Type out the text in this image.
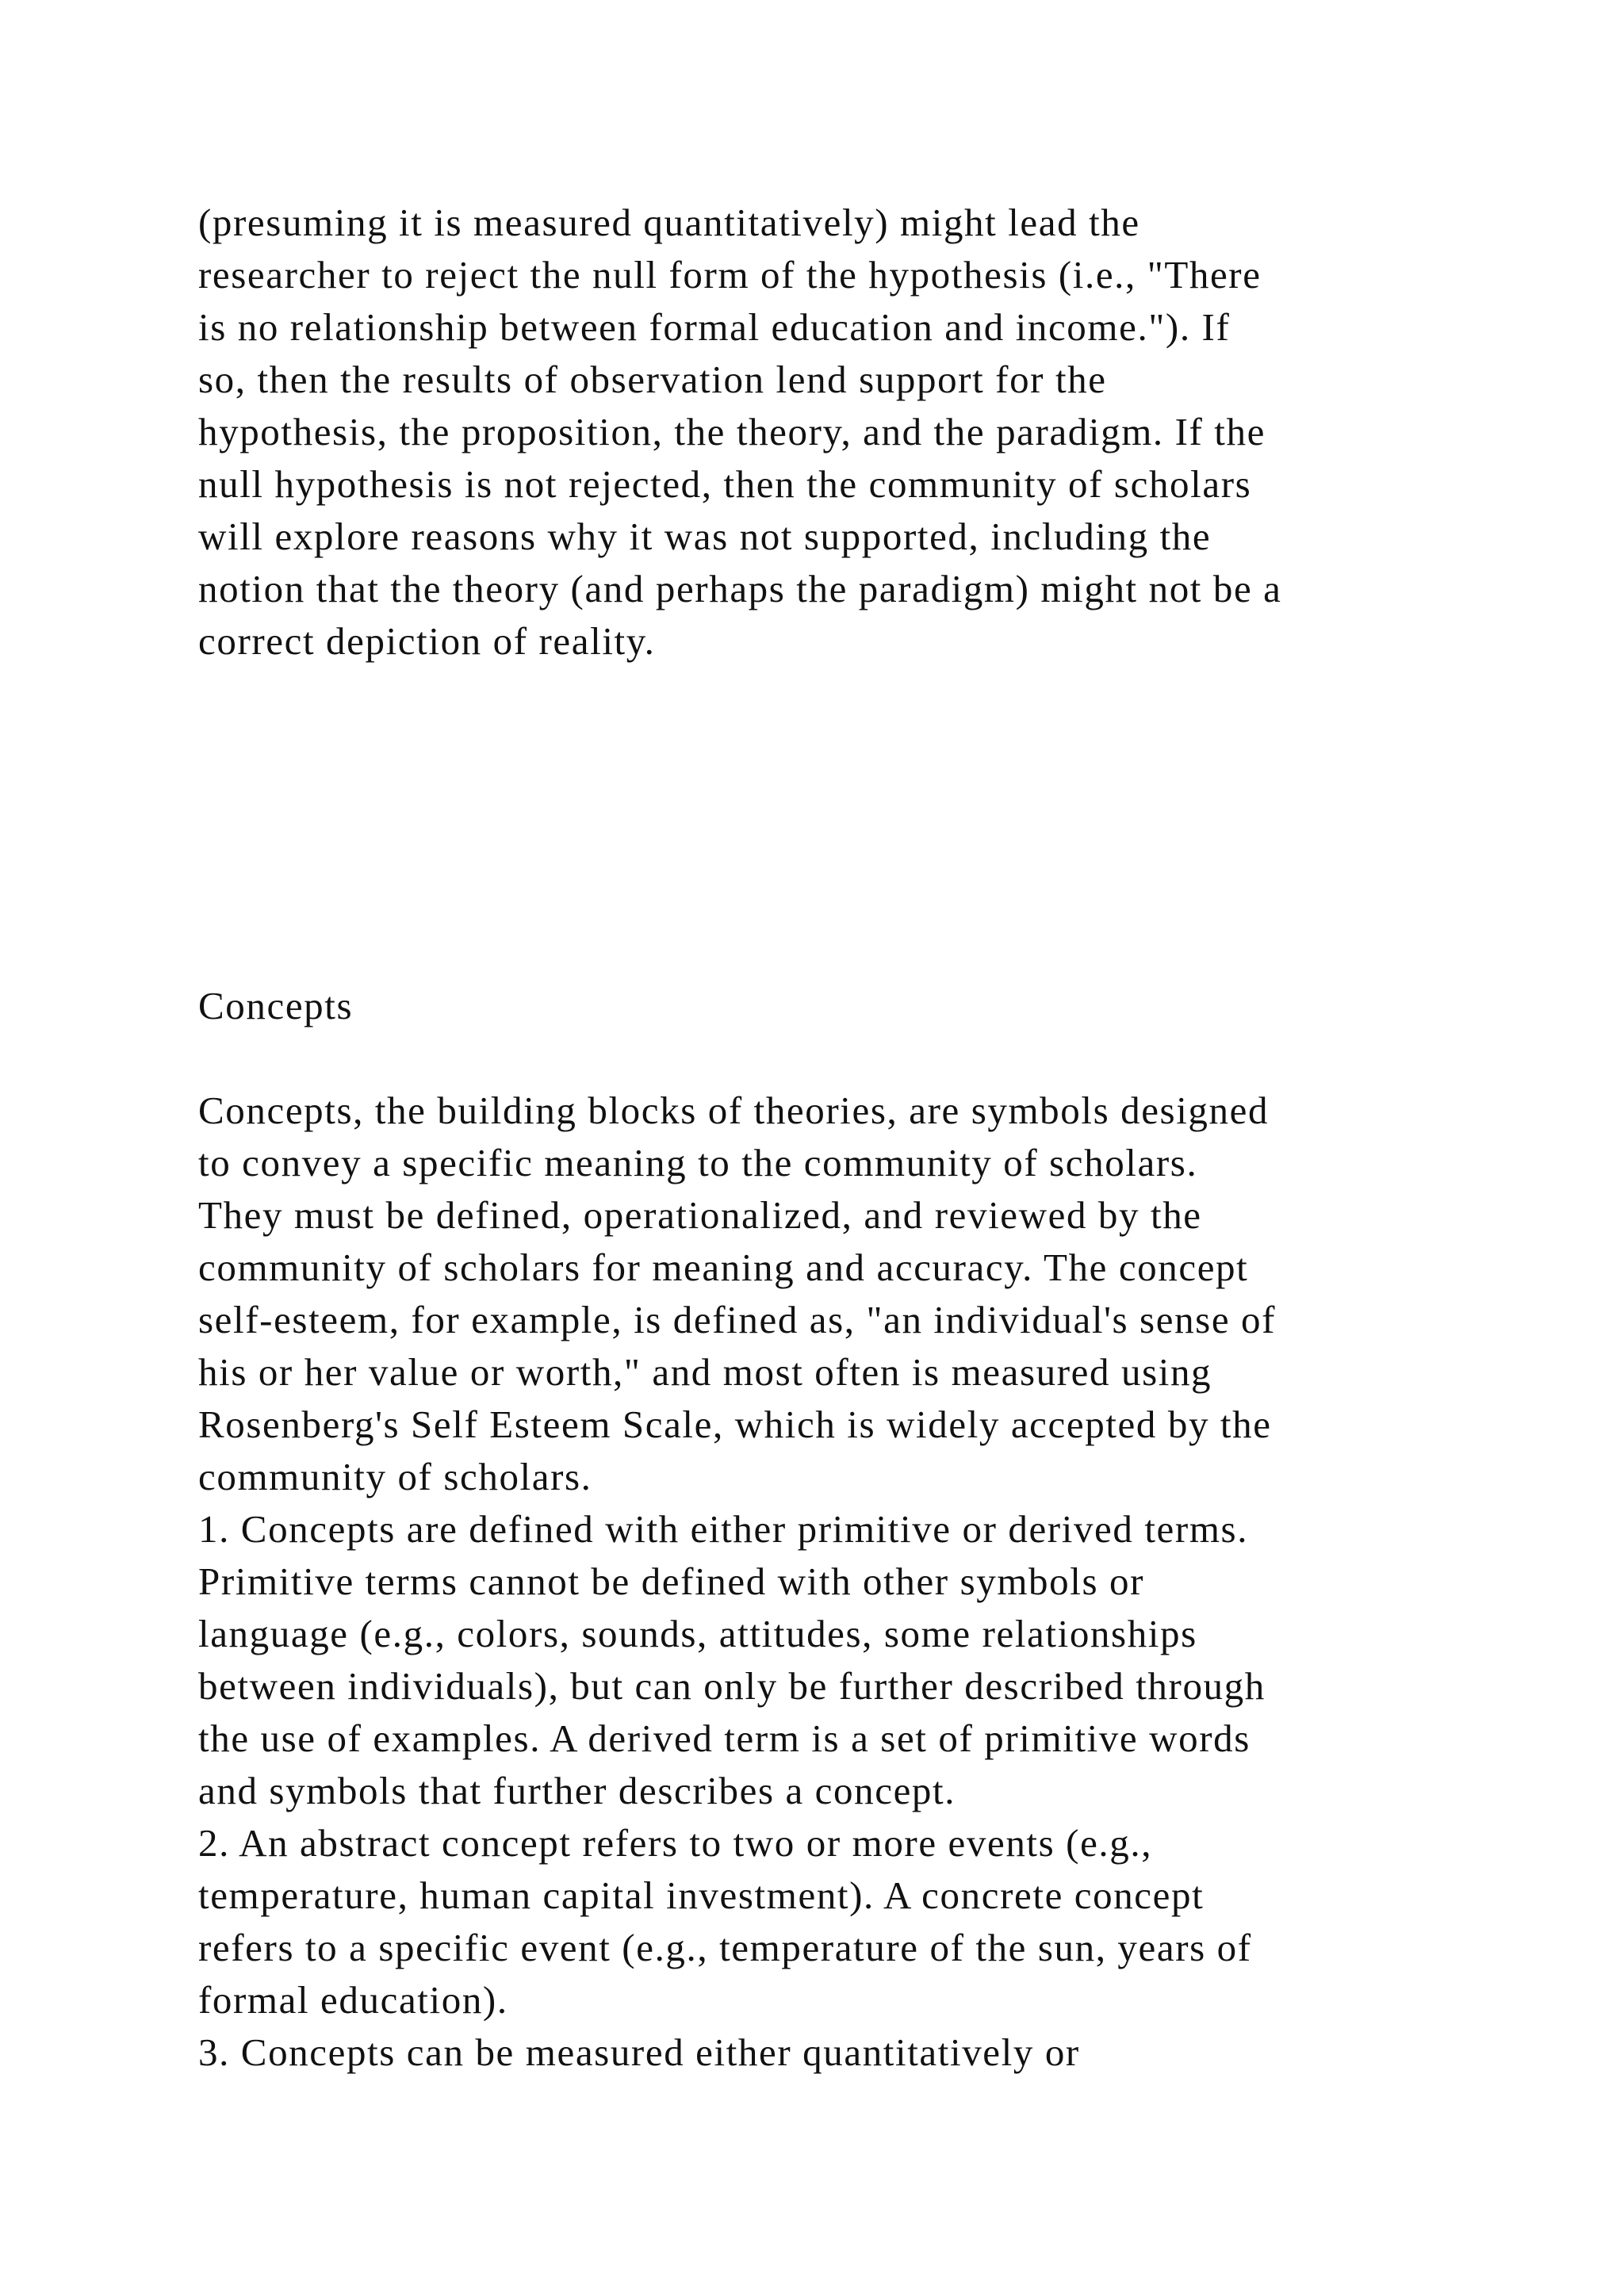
(presuming it is measured quantitatively) might lead the

researcher to reject the null form of the hypothesis (i.e., "There

is no relationship between formal education and income."). If

so, then the results of observation lend support for the

hypothesis, the proposition, the theory, and the paradigm. If the

null hypothesis is not rejected, then the community of scholars

will explore reasons why it was not supported, including the

notion that the theory (and perhaps the paradigm) might not be a

correct depiction of reality.

Concepts

Concepts, the building blocks of theories, are symbols designed

to convey a specific meaning to the community of scholars.

They must be defined, operationalized, and reviewed by the

community of scholars for meaning and accuracy. The concept

self-esteem, for example, is defined as, "an individual's sense of

his or her value or worth," and most often is measured using

Rosenberg's Self Esteem Scale, which is widely accepted by the

community of scholars.

1. Concepts are defined with either primitive or derived terms.

Primitive terms cannot be defined with other symbols or

language (e.g., colors, sounds, attitudes, some relationships

between individuals), but can only be further described through

the use of examples. A derived term is a set of primitive words

and symbols that further describes a concept.

2. An abstract concept refers to two or more events (e.g.,

temperature, human capital investment). A concrete concept

refers to a specific event (e.g., temperature of the sun, years of

formal education).

3. Concepts can be measured either quantitatively or
